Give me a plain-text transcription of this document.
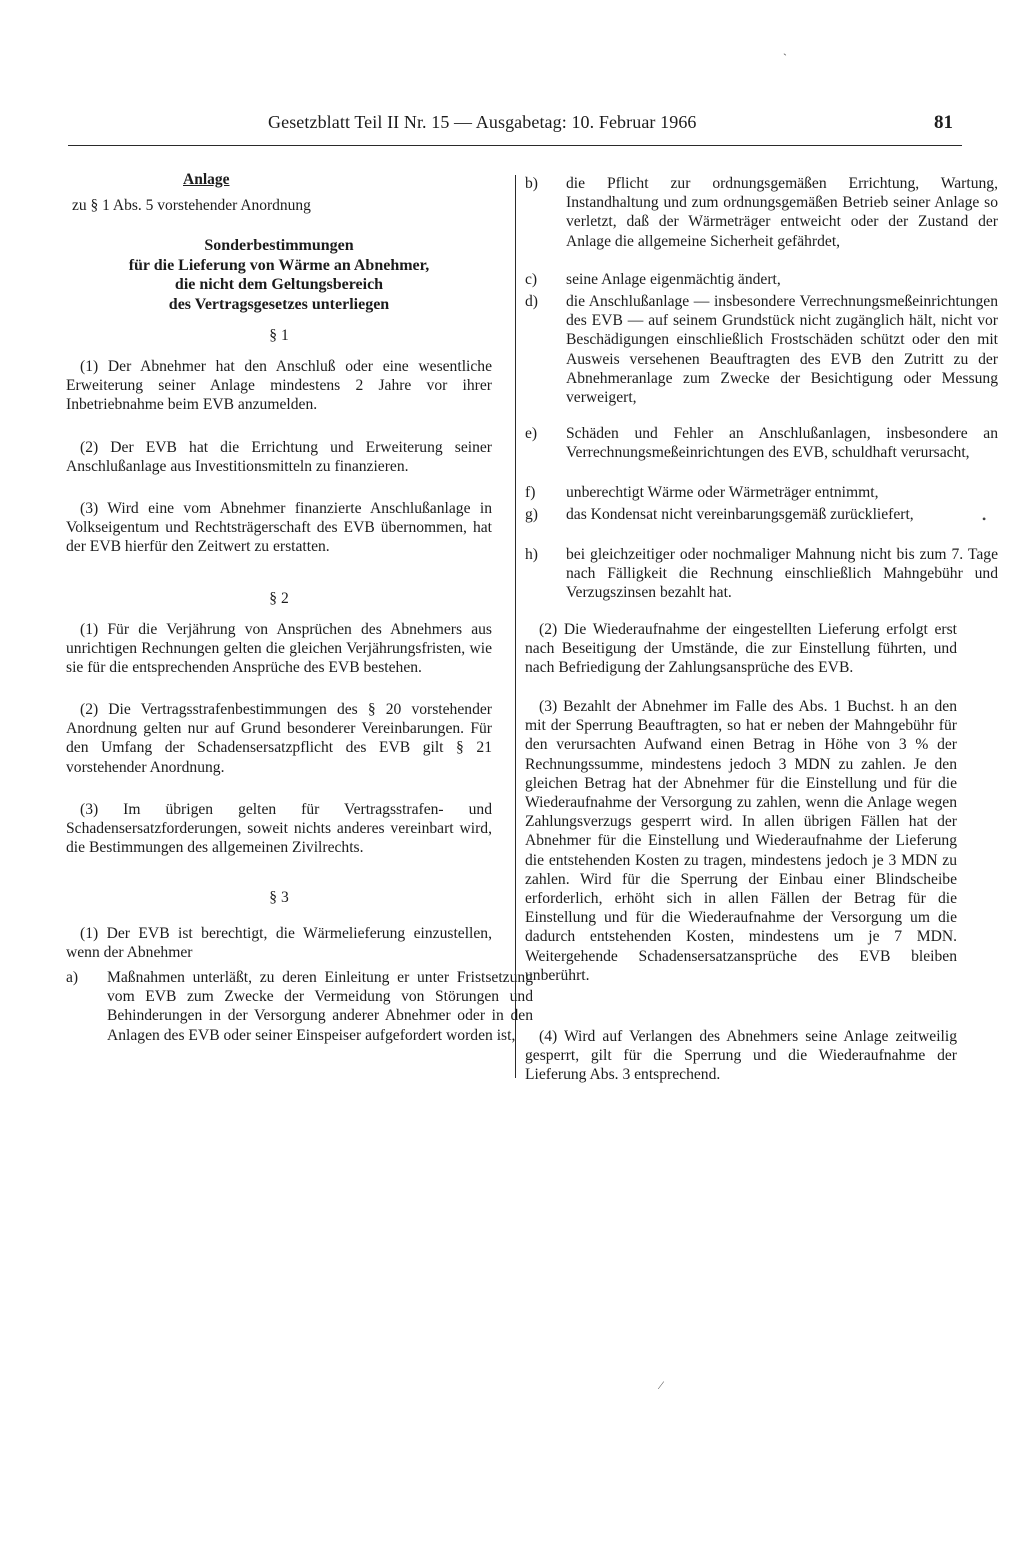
Gesetzblatt Teil II Nr. 15 — Ausgabetag: 10. Februar 1966	81
Anlage
zu § 1 Abs. 5 vorstehender Anordnung
Sonderbestimmungen
für die Lieferung von Wärme an Abnehmer,
die nicht dem Geltungsbereich
des Vertragsgesetzes unterliegen
§ 1
(1) Der Abnehmer hat den Anschluß oder eine wesentliche Erweiterung seiner Anlage mindestens 2 Jahre vor ihrer Inbetriebnahme beim EVB anzumelden.
(2) Der EVB hat die Errichtung und Erweiterung seiner Anschlußanlage aus Investitionsmitteln zu finanzieren.
(3) Wird eine vom Abnehmer finanzierte Anschlußanlage in Volkseigentum und Rechtsträgerschaft des EVB übernommen, hat der EVB hierfür den Zeitwert zu erstatten.
§ 2
(1) Für die Verjährung von Ansprüchen des Abnehmers aus unrichtigen Rechnungen gelten die gleichen Verjährungsfristen, wie sie für die entsprechenden Ansprüche des EVB bestehen.
(2) Die Vertragsstrafenbestimmungen des § 20 vorstehender Anordnung gelten nur auf Grund besonderer Vereinbarungen. Für den Umfang der Schadensersatzpflicht des EVB gilt § 21 vorstehender Anordnung.
(3) Im übrigen gelten für Vertragsstrafen- und Schadensersatzforderungen, soweit nichts anderes vereinbart wird, die Bestimmungen des allgemeinen Zivilrechts.
§ 3
(1) Der EVB ist berechtigt, die Wärmelieferung einzustellen, wenn der Abnehmer
a) Maßnahmen unterläßt, zu deren Einleitung er unter Fristsetzung vom EVB zum Zwecke der Vermeidung von Störungen und Behinderungen in der Versorgung anderer Abnehmer oder in den Anlagen des EVB oder seiner Einspeiser aufgefordert worden ist,
b) die Pflicht zur ordnungsgemäßen Errichtung, Wartung, Instandhaltung und zum ordnungsgemäßen Betrieb seiner Anlage so verletzt, daß der Wärmeträger entweicht oder der Zustand der Anlage die allgemeine Sicherheit gefährdet,
c) seine Anlage eigenmächtig ändert,
d) die Anschlußanlage — insbesondere Verrechnungsmeßeinrichtungen des EVB — auf seinem Grundstück nicht zugänglich hält, nicht vor Beschädigungen einschließlich Frostschäden schützt oder den mit Ausweis versehenen Beauftragten des EVB den Zutritt zu der Abnehmeranlage zum Zwecke der Besichtigung oder Messung verweigert,
e) Schäden und Fehler an Anschlußanlagen, insbesondere an Verrechnungsmeßeinrichtungen des EVB, schuldhaft verursacht,
f) unberechtigt Wärme oder Wärmeträger entnimmt,
g) das Kondensat nicht vereinbarungsgemäß zurückliefert,
h) bei gleichzeitiger oder nochmaliger Mahnung nicht bis zum 7. Tage nach Fälligkeit die Rechnung einschließlich Mahngebühr und Verzugszinsen bezahlt hat.
(2) Die Wiederaufnahme der eingestellten Lieferung erfolgt erst nach Beseitigung der Umstände, die zur Einstellung führten, und nach Befriedigung der Zahlungsansprüche des EVB.
(3) Bezahlt der Abnehmer im Falle des Abs. 1 Buchst. h an den mit der Sperrung Beauftragten, so hat er neben der Mahngebühr für den verursachten Aufwand einen Betrag in Höhe von 3 % der Rechnungssumme, mindestens jedoch 3 MDN zu zahlen. Je den gleichen Betrag hat der Abnehmer für die Einstellung und für die Wiederaufnahme der Versorgung zu zahlen, wenn die Anlage wegen Zahlungsverzugs gesperrt wird. In allen übrigen Fällen hat der Abnehmer für die Einstellung und Wiederaufnahme der Lieferung die entstehenden Kosten zu tragen, mindestens jedoch je 3 MDN zu zahlen. Wird für die Sperrung der Einbau einer Blindscheibe erforderlich, erhöht sich in allen Fällen der Betrag für die Einstellung und für die Wiederaufnahme der Versorgung um die dadurch entstehenden Kosten, mindestens um je 7 MDN. Weitergehende Schadensersatzansprüche des EVB bleiben unberührt.
(4) Wird auf Verlangen des Abnehmers seine Anlage zeitweilig gesperrt, gilt für die Sperrung und die Wiederaufnahme der Lieferung Abs. 3 entsprechend.
ˎ
•
⁄
